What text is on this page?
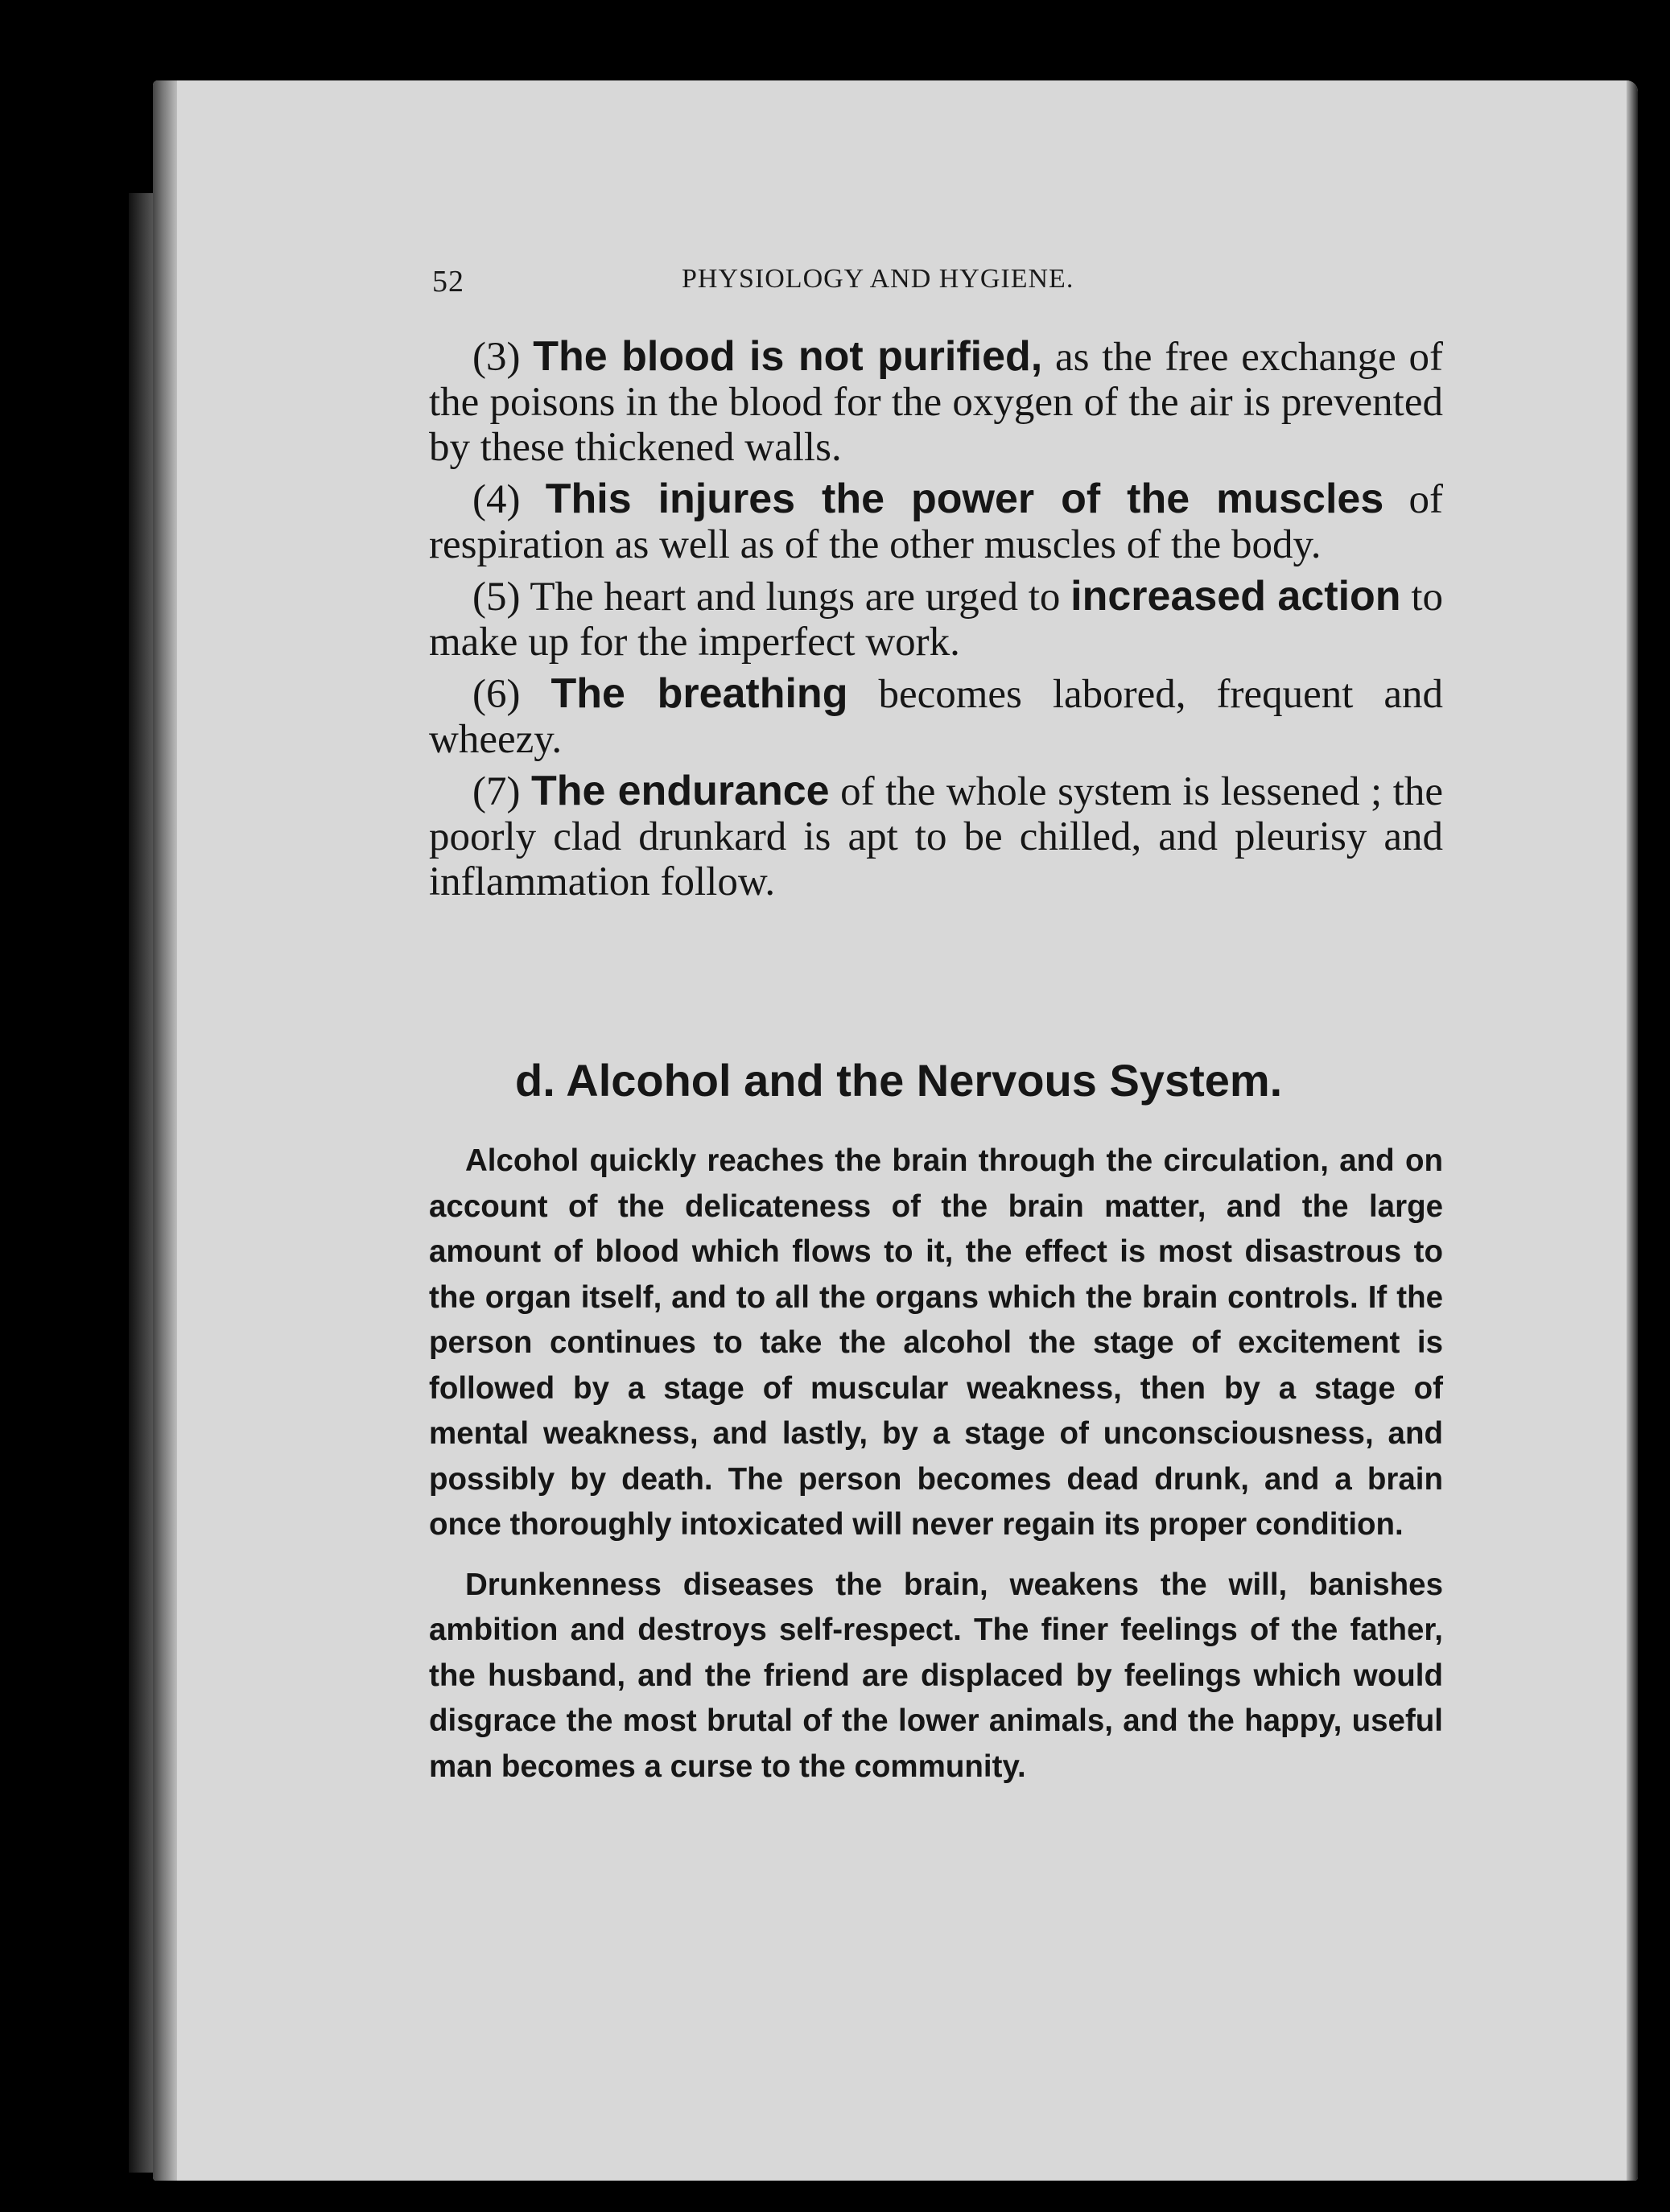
52	PHYSIOLOGY AND HYGIENE.

(3) The blood is not purified, as the free exchange of the poisons in the blood for the oxygen of the air is prevented by these thickened walls.

(4) This injures the power of the muscles of respiration as well as of the other muscles of the body.

(5) The heart and lungs are urged to increased action to make up for the imperfect work.

(6) The breathing becomes labored, frequent and wheezy.

(7) The endurance of the whole system is lessened ; the poorly clad drunkard is apt to be chilled, and pleurisy and inflammation follow.

d. Alcohol and the Nervous System.

Alcohol quickly reaches the brain through the circulation, and on account of the delicateness of the brain matter, and the large amount of blood which flows to it, the effect is most disastrous to the organ itself, and to all the organs which the brain controls. If the person continues to take the alcohol the stage of excitement is followed by a stage of muscular weakness, then by a stage of mental weakness, and lastly, by a stage of unconsciousness, and possibly by death. The person becomes dead drunk, and a brain once thoroughly intoxicated will never regain its proper condition.

Drunkenness diseases the brain, weakens the will, banishes ambition and destroys self-respect. The finer feelings of the father, the husband, and the friend are displaced by feelings which would disgrace the most brutal of the lower animals, and the happy, useful man becomes a curse to the community.
